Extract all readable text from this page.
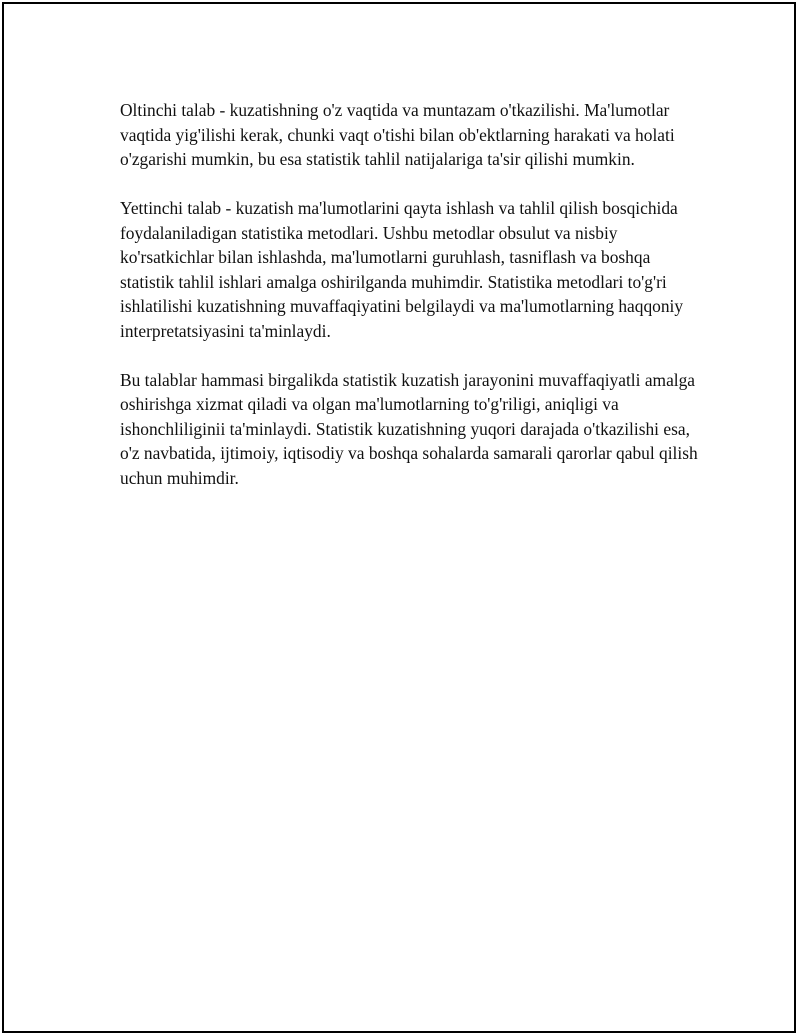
Oltinchi talab - kuzatishning o'z vaqtida va muntazam o'tkazilishi. Ma'lumotlar vaqtida yig'ilishi kerak, chunki vaqt o'tishi bilan ob'ektlarning harakati va holati o'zgarishi mumkin, bu esa statistik tahlil natijalariga ta'sir qilishi mumkin.

Yettinchi talab - kuzatish ma'lumotlarini qayta ishlash va tahlil qilish bosqichida foydalaniladigan statistika metodlari. Ushbu metodlar obsulut va nisbiy ko'rsatkichlar bilan ishlashda, ma'lumotlarni guruhlash, tasniflash va boshqa statistik tahlil ishlari amalga oshirilganda muhimdir. Statistika metodlari to'g'ri ishlatilishi kuzatishning muvaffaqiyatini belgilaydi va ma'lumotlarning haqqoniy interpretatsiyasini ta'minlaydi.

Bu talablar hammasi birgalikda statistik kuzatish jarayonini muvaffaqiyatli amalga oshirishga xizmat qiladi va olgan ma'lumotlarning to'g'riligi, aniqligi va ishonchliliginii ta'minlaydi. Statistik kuzatishning yuqori darajada o'tkazilishi esa, o'z navbatida, ijtimoiy, iqtisodiy va boshqa sohalarda samarali qarorlar qabul qilish uchun muhimdir.
